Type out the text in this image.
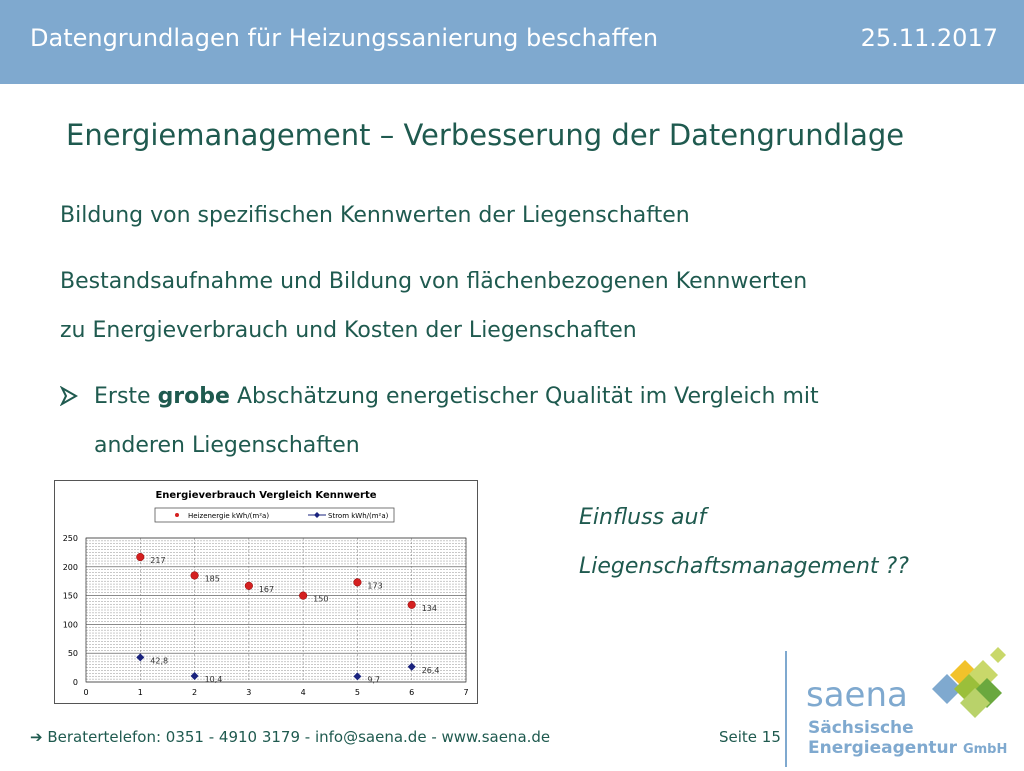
Datengrundlagen für Heizungssanierung beschaffen	25.11.2017
Energiemanagement – Verbesserung der Datengrundlage
Bildung von spezifischen Kennwerten der Liegenschaften
Bestandsaufnahme und Bildung von flächenbezogenen Kennwerten
zu Energieverbrauch und Kosten der Liegenschaften
Erste grobe Abschätzung energetischer Qualität im Vergleich mit
anderen Liegenschaften
Energieverbrauch Vergleich Kennwerte
Heizenergie kWh/(m²a)	Strom kWh/(m²a)
0
50
100
150
200
250
0	1	2	3	4	5	6	7
217
185
167
150
173
134
42,8
10,4	9,7
26,4
Einfluss auf
Liegenschaftsmanagement ??
➔ Beratertelefon: 0351 - 4910 3179 - info@saena.de - www.saena.de	Seite 15
saena
Sächsische
Energieagentur GmbH
